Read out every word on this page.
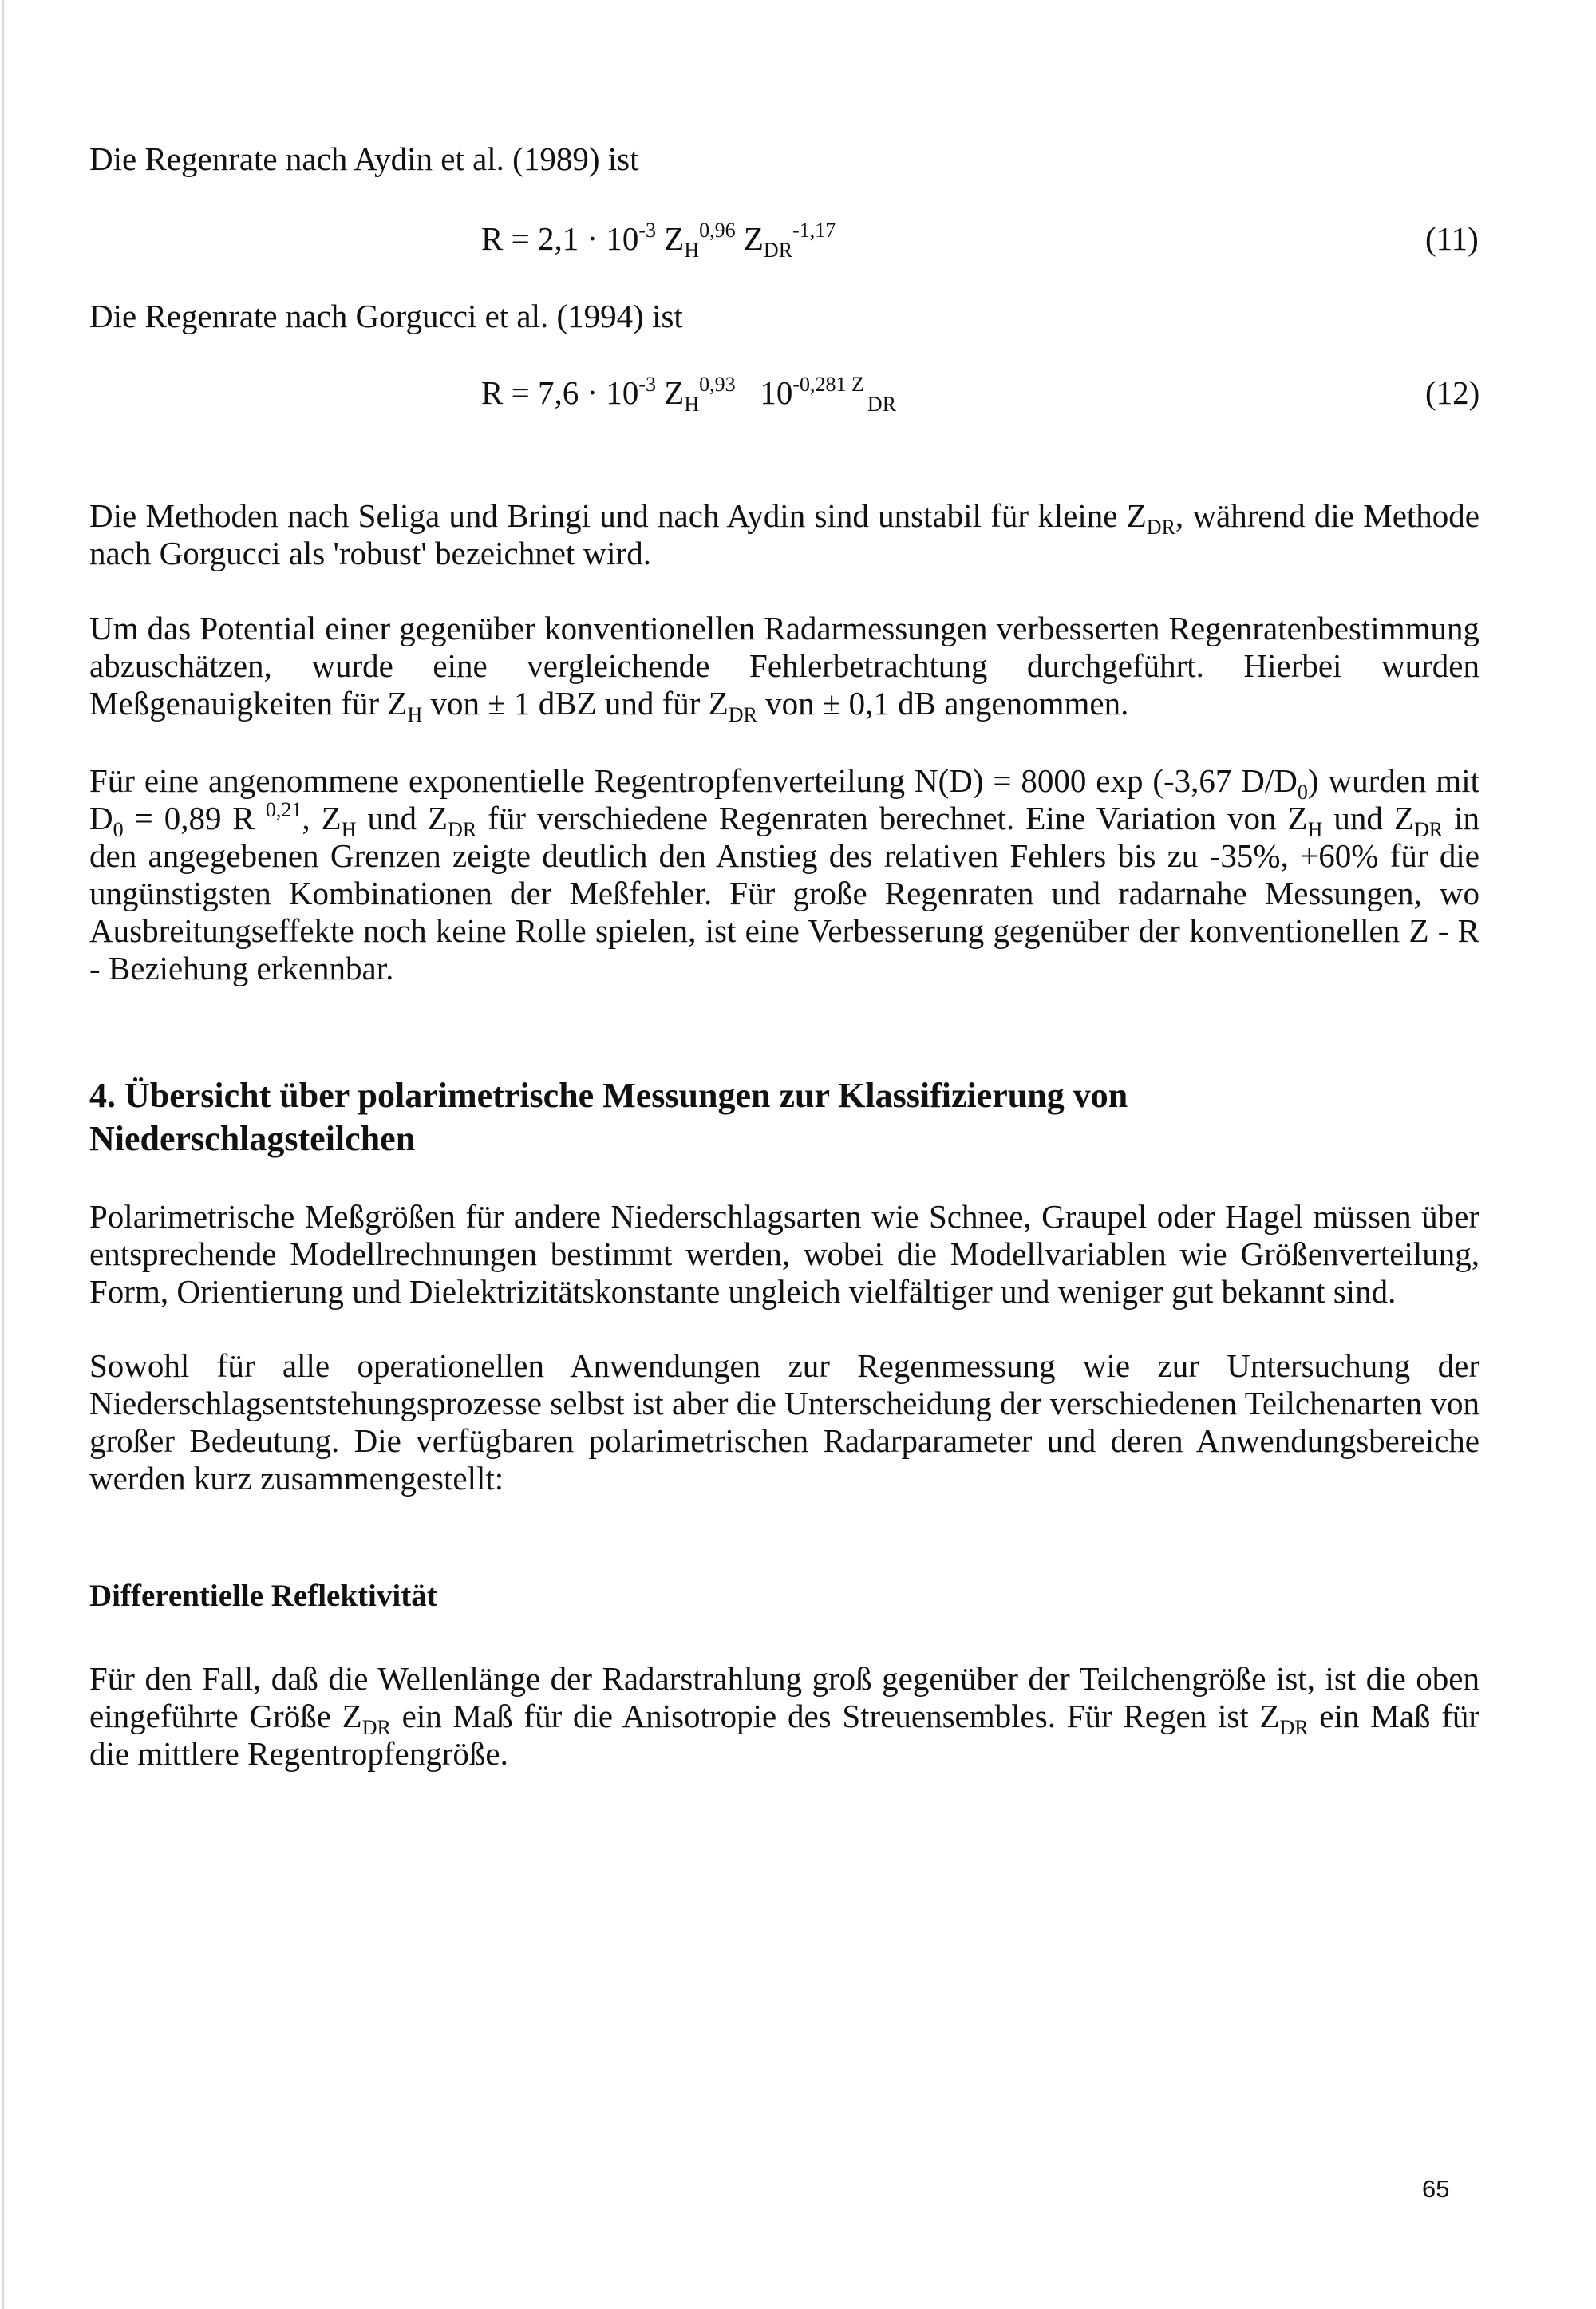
Die Regenrate nach Aydin et al. (1989) ist

$R = 2,1 \cdot 10^{-3}$ $Z_H^{0,96}$ $Z_{DR}^{-1,17}$	(11)

Die Regenrate nach Gorgucci et al. (1994) ist

$R = 7,6 \cdot 10^{-3}$ $Z_H^{0,93}$   $10^{-0,281 Z}_{DR}$	(12)

Die Methoden nach Seliga und Bringi und nach Aydin sind unstabil für kleine $Z_{DR}$, während die Methode nach Gorgucci als 'robust' bezeichnet wird.

Um das Potential einer gegenüber konventionellen Radarmessungen verbesserten Regenratenbestimmung abzuschätzen, wurde eine vergleichende Fehlerbetrachtung durchgeführt. Hierbei wurden Meßgenauigkeiten für $Z_H$ von ± 1 dBZ und für $Z_{DR}$ von ± 0,1 dB angenommen.

Für eine angenommene exponentielle Regentropfenverteilung N(D) = 8000 exp (-3,67 $D/D_0$) wurden mit $D_0 = 0,89$ R $^{0,21}$, $Z_H$ und $Z_{DR}$ für verschiedene Regenraten berechnet. Eine Variation von $Z_H$ und $Z_{DR}$ in den angegebenen Grenzen zeigte deutlich den Anstieg des relativen Fehlers bis zu -35%, +60% für die ungünstigsten Kombinationen der Meßfehler. Für große Regenraten und radarnahe Messungen, wo Ausbreitungseffekte noch keine Rolle spielen, ist eine Verbesserung gegenüber der konventionellen Z - R - Beziehung erkennbar.

4. Übersicht über polarimetrische Messungen zur Klassifizierung von Niederschlagsteilchen

Polarimetrische Meßgrößen für andere Niederschlagsarten wie Schnee, Graupel oder Hagel müssen über entsprechende Modellrechnungen bestimmt werden, wobei die Modellvariablen wie Größenverteilung, Form, Orientierung und Dielektrizitätskonstante ungleich vielfältiger und weniger gut bekannt sind.

Sowohl für alle operationellen Anwendungen zur Regenmessung wie zur Untersuchung der Niederschlagsentstehungsprozesse selbst ist aber die Unterscheidung der verschiedenen Teilchenarten von großer Bedeutung. Die verfügbaren polarimetrischen Radarparameter und deren Anwendungsbereiche werden kurz zusammengestellt:

Differentielle Reflektivität

Für den Fall, daß die Wellenlänge der Radarstrahlung groß gegenüber der Teilchengröße ist, ist die oben eingeführte Größe $Z_{DR}$ ein Maß für die Anisotropie des Streuensembles. Für Regen ist $Z_{DR}$ ein Maß für die mittlere Regentropfengröße.

65
